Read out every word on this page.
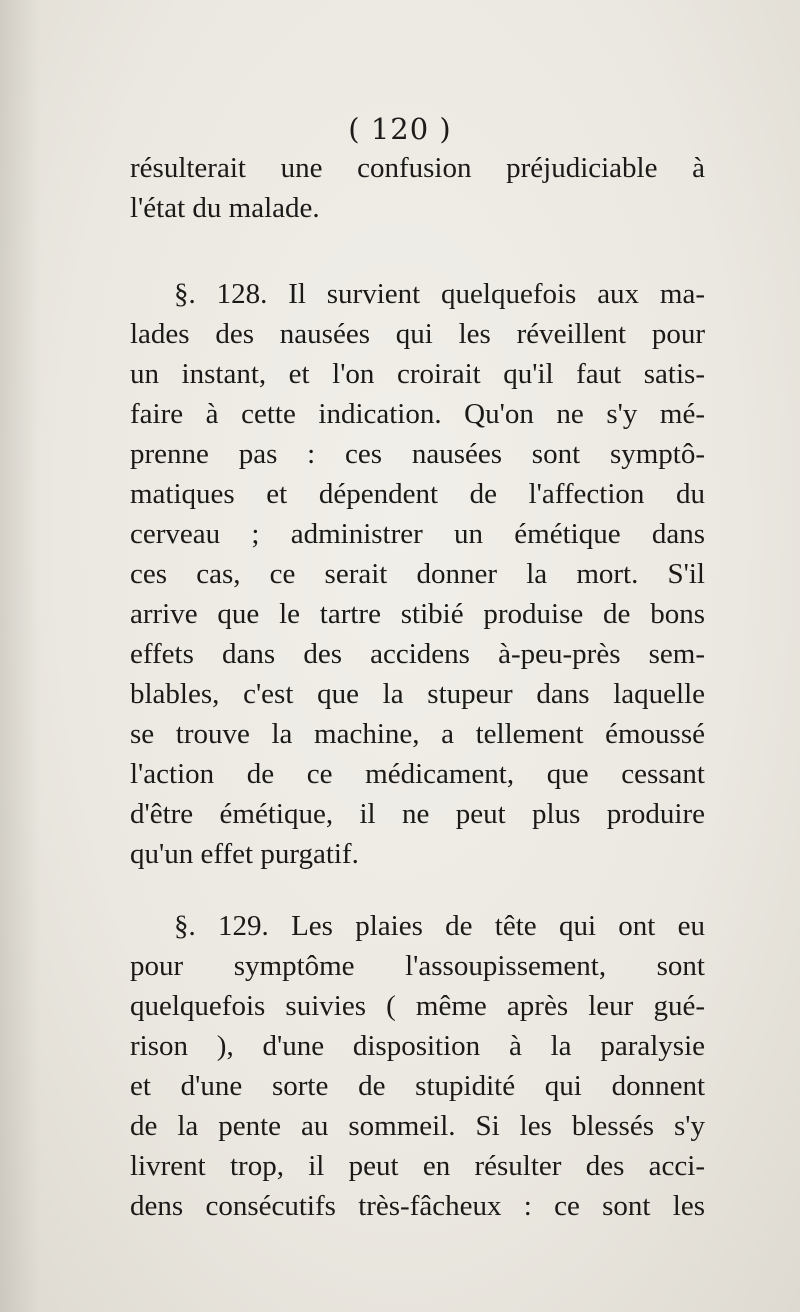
( 120 )
résulterait une confusion préjudiciable à
l'état du malade.
§. 128. Il survient quelquefois aux ma-
lades des nausées qui les réveillent pour
un instant, et l'on croirait qu'il faut satis-
faire à cette indication. Qu'on ne s'y mé-
prenne pas : ces nausées sont symptô-
matiques et dépendent de l'affection du
cerveau ; administrer un émétique dans
ces cas, ce serait donner la mort. S'il
arrive que le tartre stibié produise de bons
effets dans des accidens à-peu-près sem-
blables, c'est que la stupeur dans laquelle
se trouve la machine, a tellement émoussé
l'action de ce médicament, que cessant
d'être émétique, il ne peut plus produire
qu'un effet purgatif.
§. 129. Les plaies de tête qui ont eu
pour symptôme l'assoupissement, sont
quelquefois suivies ( même après leur gué-
rison ), d'une disposition à la paralysie
et d'une sorte de stupidité qui donnent
de la pente au sommeil. Si les blessés s'y
livrent trop, il peut en résulter des acci-
dens consécutifs très-fâcheux : ce sont les
